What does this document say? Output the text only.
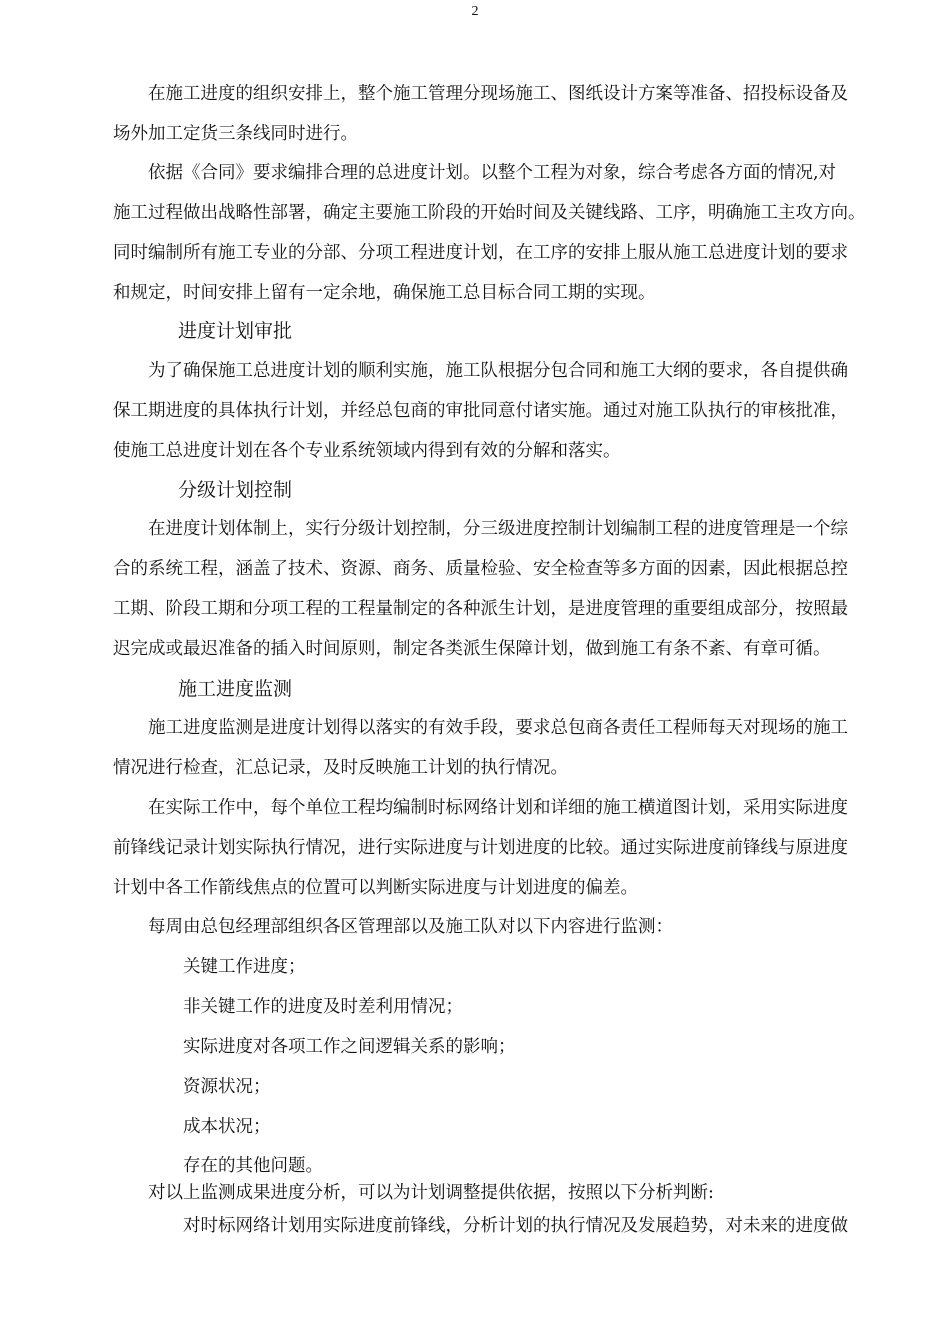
2
在施工进度的组织安排上，整个施工管理分现场施工、图纸设计方案等准备、招投标设备及
场外加工定货三条线同时进行。
依据《合同》要求编排合理的总进度计划。以整个工程为对象，综合考虑各方面的情况,对
施工过程做出战略性部署，确定主要施工阶段的开始时间及关键线路、工序，明确施工主攻方向。
同时编制所有施工专业的分部、分项工程进度计划，在工序的安排上服从施工总进度计划的要求
和规定，时间安排上留有一定余地，确保施工总目标合同工期的实现。
进度计划审批
为了确保施工总进度计划的顺利实施，施工队根据分包合同和施工大纲的要求，各自提供确
保工期进度的具体执行计划，并经总包商的审批同意付诸实施。通过对施工队执行的审核批准，
使施工总进度计划在各个专业系统领域内得到有效的分解和落实。
分级计划控制
在进度计划体制上，实行分级计划控制，分三级进度控制计划编制工程的进度管理是一个综
合的系统工程，涵盖了技术、资源、商务、质量检验、安全检查等多方面的因素，因此根据总控
工期、阶段工期和分项工程的工程量制定的各种派生计划，是进度管理的重要组成部分，按照最
迟完成或最迟准备的插入时间原则，制定各类派生保障计划，做到施工有条不紊、有章可循。
施工进度监测
施工进度监测是进度计划得以落实的有效手段，要求总包商各责任工程师每天对现场的施工
情况进行检查，汇总记录，及时反映施工计划的执行情况。
在实际工作中，每个单位工程均编制时标网络计划和详细的施工横道图计划，采用实际进度
前锋线记录计划实际执行情况，进行实际进度与计划进度的比较。通过实际进度前锋线与原进度
计划中各工作箭线焦点的位置可以判断实际进度与计划进度的偏差。
每周由总包经理部组织各区管理部以及施工队对以下内容进行监测：
关键工作进度；
非关键工作的进度及时差利用情况；
实际进度对各项工作之间逻辑关系的影响；
资源状况；
成本状况；
存在的其他问题。
对以上监测成果进度分析，可以为计划调整提供依据，按照以下分析判断:
对时标网络计划用实际进度前锋线，分析计划的执行情况及发展趋势，对未来的进度做
